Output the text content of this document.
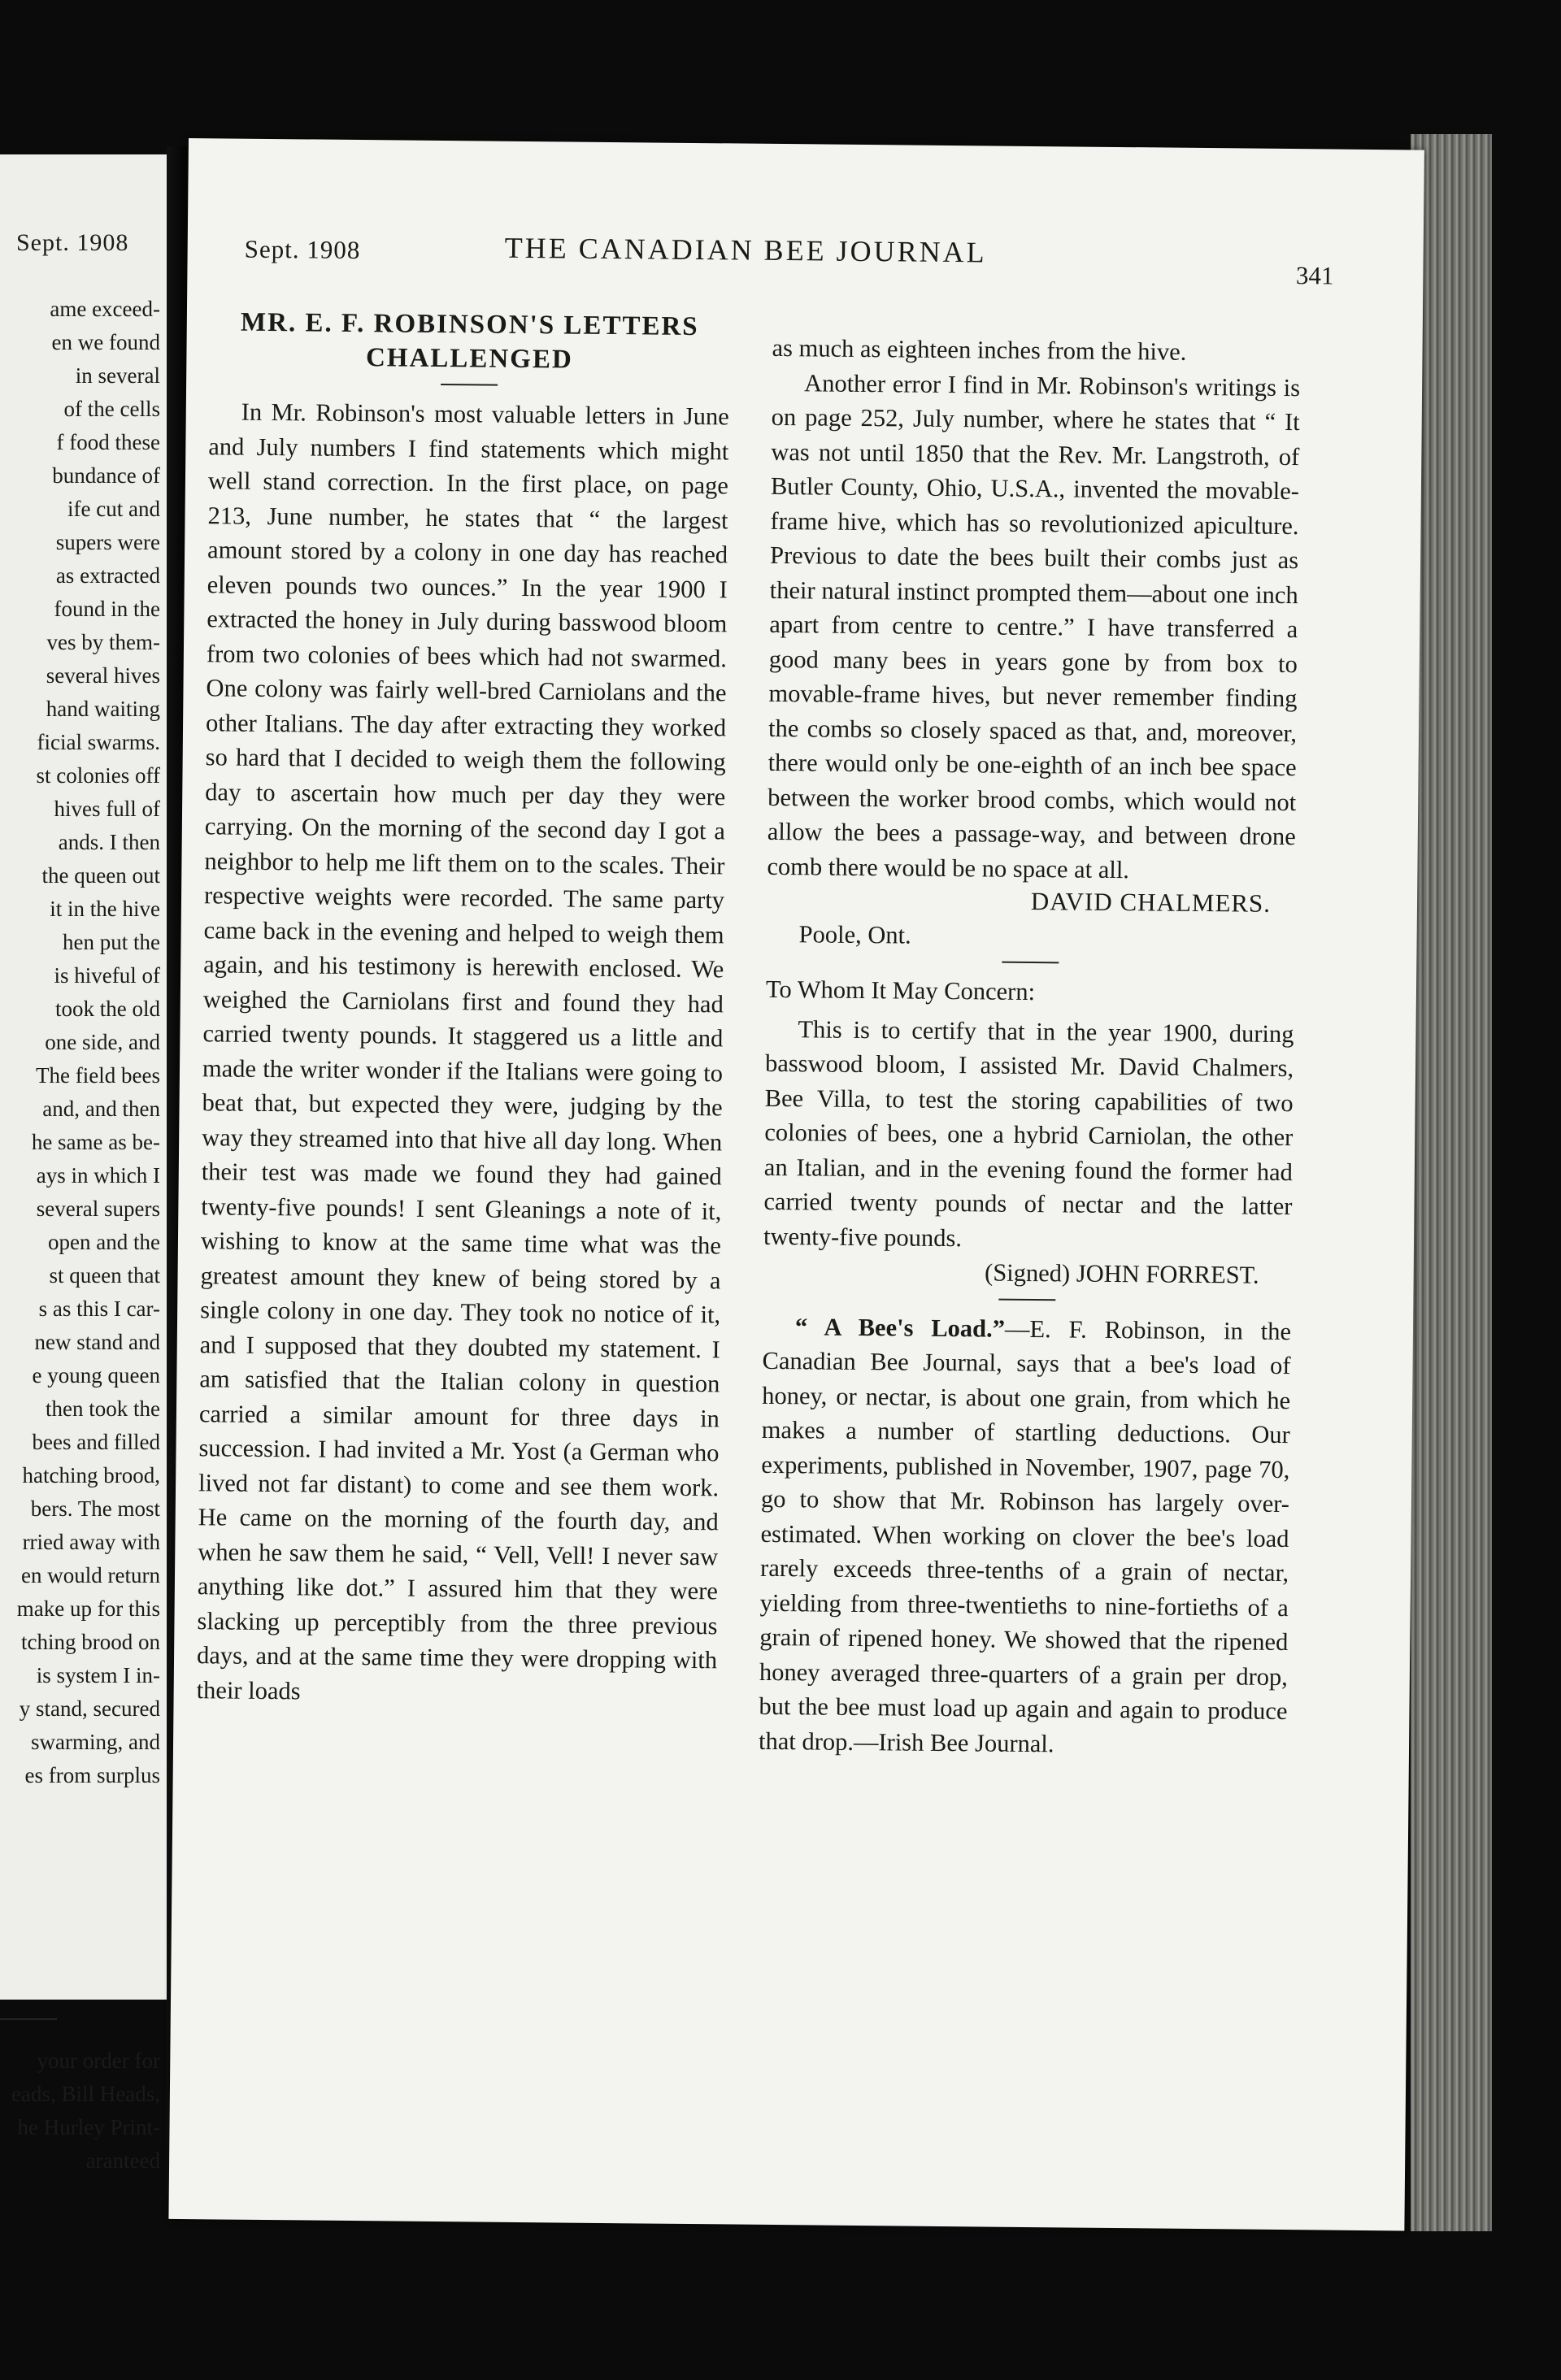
Sept. 1908
ame exceed-
en we found
in several
of the cells
f food these
bundance of
ife cut and
supers were
as extracted
found in the
ves by them-
several hives
hand waiting
ficial swarms.
st colonies off
hives full of
ands. I then
the queen out
it in the hive
hen put the
is hiveful of
took the old
one side, and
The field bees
and, and then
he same as be-
ays in which I
several supers
open and the
st queen that
s as this I car-
new stand and
e young queen
then took the
bees and filled
hatching brood,
bers. The most
rried away with
en would return
make up for this
tching brood on
is system I in-
y stand, secured
swarming, and
es from surplus
your order for
eads, Bill Heads,
he Hurley Print-
aranteed
Sept. 1908	THE CANADIAN BEE JOURNAL
341
MR. E. F. ROBINSON'S LETTERS
CHALLENGED

In Mr. Robinson's most valuable letters in June and July numbers I find statements which might well stand correction. In the first place, on page 213, June number, he states that “ the largest amount stored by a colony in one day has reached eleven pounds two ounces.” In the year 1900 I extracted the honey in July during basswood bloom from two colonies of bees which had not swarmed. One colony was fairly well-bred Carniolans and the other Italians. The day after extracting they worked so hard that I decided to weigh them the following day to ascertain how much per day they were carrying. On the morning of the second day I got a neighbor to help me lift them on to the scales. Their respective weights were recorded. The same party came back in the evening and helped to weigh them again, and his testimony is herewith enclosed. We weighed the Carniolans first and found they had carried twenty pounds. It staggered us a little and made the writer wonder if the Italians were going to beat that, but expected they were, judging by the way they streamed into that hive all day long. When their test was made we found they had gained twenty-five pounds! I sent Gleanings a note of it, wishing to know at the same time what was the greatest amount they knew of being stored by a single colony in one day. They took no notice of it, and I supposed that they doubted my statement. I am satisfied that the Italian colony in question carried a similar amount for three days in succession. I had invited a Mr. Yost (a German who lived not far distant) to come and see them work. He came on the morning of the fourth day, and when he saw them he said, “ Vell, Vell! I never saw anything like dot.” I assured him that they were slacking up perceptibly from the three previous days, and at the same time they were dropping with their loads

as much as eighteen inches from the hive.

Another error I find in Mr. Robinson's writings is on page 252, July number, where he states that “ It was not until 1850 that the Rev. Mr. Langstroth, of Butler County, Ohio, U.S.A., invented the movable-frame hive, which has so revolutionized apiculture. Previous to date the bees built their combs just as their natural instinct prompted them—about one inch apart from centre to centre.” I have transferred a good many bees in years gone by from box to movable-frame hives, but never remember finding the combs so closely spaced as that, and, moreover, there would only be one-eighth of an inch bee space between the worker brood combs, which would not allow the bees a passage-way, and between drone comb there would be no space at all.

DAVID CHALMERS.

Poole, Ont.

To Whom It May Concern:

This is to certify that in the year 1900, during basswood bloom, I assisted Mr. David Chalmers, Bee Villa, to test the storing capabilities of two colonies of bees, one a hybrid Carniolan, the other an Italian, and in the evening found the former had carried twenty pounds of nectar and the latter twenty-five pounds.

(Signed) JOHN FORREST.

“ A Bee's Load.”—E. F. Robinson, in the Canadian Bee Journal, says that a bee's load of honey, or nectar, is about one grain, from which he makes a number of startling deductions. Our experiments, published in November, 1907, page 70, go to show that Mr. Robinson has largely over-estimated. When working on clover the bee's load rarely exceeds three-tenths of a grain of nectar, yielding from three-twentieths to nine-fortieths of a grain of ripened honey. We showed that the ripened honey averaged three-quarters of a grain per drop, but the bee must load up again and again to produce that drop.—Irish Bee Journal.
